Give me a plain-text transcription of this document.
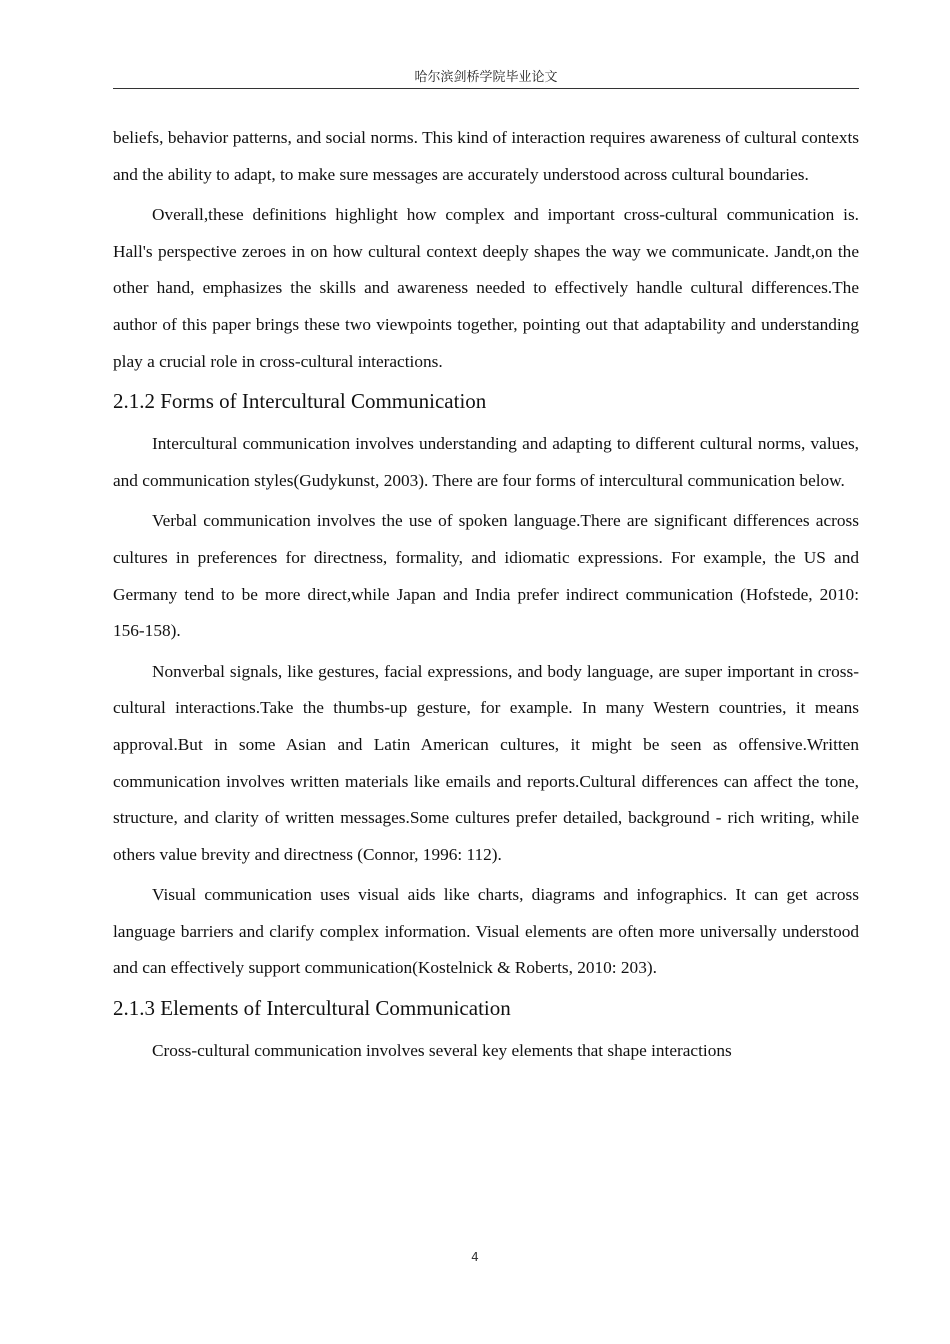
哈尔滨剑桥学院毕业论文

beliefs, behavior patterns, and social norms. This kind of interaction requires awareness of cultural contexts and the ability to adapt, to make sure messages are accurately understood across cultural boundaries.

Overall,these definitions highlight how complex and important cross-cultural communication is. Hall's perspective zeroes in on how cultural context deeply shapes the way we communicate. Jandt,on the other hand, emphasizes the skills and awareness needed to effectively handle cultural differences.The author of this paper brings these two viewpoints together, pointing out that adaptability and understanding play a crucial role in cross-cultural interactions.

2.1.2 Forms of Intercultural Communication

Intercultural communication involves understanding and adapting to different cultural norms, values, and communication styles(Gudykunst, 2003). There are four forms of intercultural communication below.

Verbal communication involves the use of spoken language.There are significant differences across cultures in preferences for directness, formality, and idiomatic expressions. For example, the US and Germany tend to be more direct,while Japan and India prefer indirect communication (Hofstede, 2010: 156-158).

Nonverbal signals, like gestures, facial expressions, and body language, are super important in cross-cultural interactions.Take the thumbs-up gesture, for example. In many Western countries, it means approval.But in some Asian and Latin American cultures, it might be seen as offensive.Written communication involves written materials like emails and reports.Cultural differences can affect the tone, structure, and clarity of written messages.Some cultures prefer detailed, background - rich writing, while others value brevity and directness (Connor, 1996: 112).

Visual communication uses visual aids like charts, diagrams and infographics. It can get across language barriers and clarify complex information. Visual elements are often more universally understood and can effectively support communication(Kostelnick & Roberts, 2010: 203).

2.1.3 Elements of Intercultural Communication

Cross-cultural communication involves several key elements that shape interactions

4
